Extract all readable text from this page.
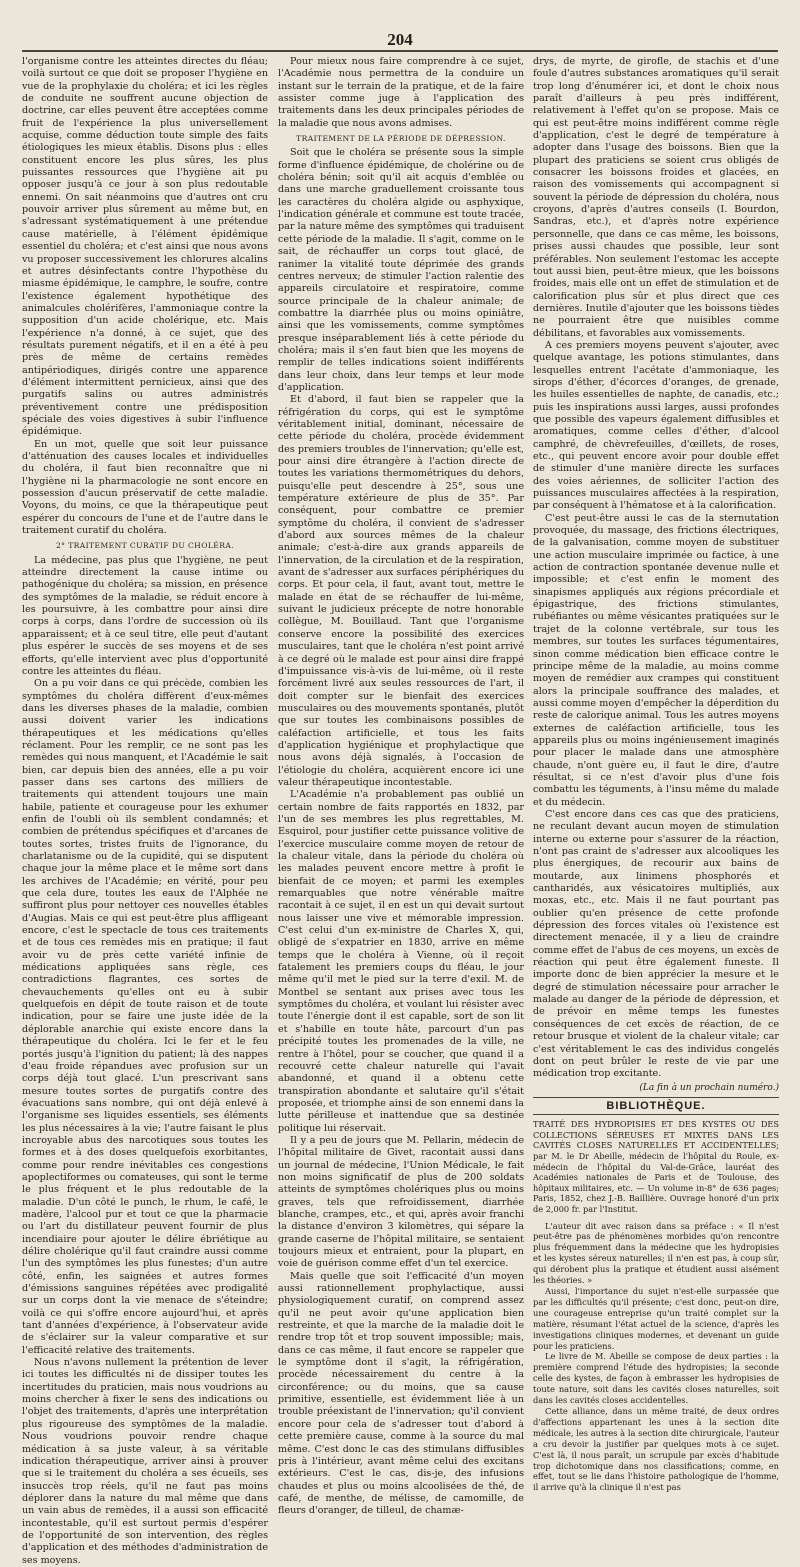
204

l'organisme contre les atteintes directes du fléau; voilà surtout ce que doit se proposer l'hygiène en vue de la prophylaxie du choléra; et ici les règles de conduite ne souffrent aucune objection de doctrine, car elles peuvent être acceptées comme fruit de l'expérience la plus universellement acquise, comme déduction toute simple des faits étiologiques les mieux établis. Disons plus : elles constituent encore les plus sûres, les plus puissantes ressources que l'hygiène ait pu opposer jusqu'à ce jour à son plus redoutable ennemi. On sait néanmoins que d'autres ont cru pouvoir arriver plus sûrement au même but, en s'adressant systématiquement à une prétendue cause matérielle, à l'élément épidémique essentiel du choléra; et c'est ainsi que nous avons vu proposer successivement les chlorures alcalins et autres désinfectants contre l'hypothèse du miasme épidémique, le camphre, le soufre, contre l'existence également hypothétique des animalcules cholérifères, l'ammoniaque contre la supposition d'un acide cholérique, etc. Mais l'expérience n'a donné, à ce sujet, que des résultats purement négatifs, et il en a été à peu près de même de certains remèdes antipériodiques, dirigés contre une apparence d'élément intermittent pernicieux, ainsi que des purgatifs salins ou autres administrés préventivement contre une prédisposition spéciale des voies digestives à subir l'influence épidémique.

En un mot, quelle que soit leur puissance d'atténuation des causes locales et individuelles du choléra, il faut bien reconnaître que ni l'hygiène ni la pharmacologie ne sont encore en possession d'aucun préservatif de cette maladie. Voyons, du moins, ce que la thérapeutique peut espérer du concours de l'une et de l'autre dans le traitement curatif du choléra.

2° TRAITEMENT CURATIF DU CHOLÉRA.

La médecine, pas plus que l'hygiène, ne peut atteindre directement la cause intime ou pathogénique du choléra; sa mission, en présence des symptômes de la maladie, se réduit encore à les poursuivre, à les combattre pour ainsi dire corps à corps, dans l'ordre de succession où ils apparaissent; et à ce seul titre, elle peut d'autant plus espérer le succès de ses moyens et de ses efforts, qu'elle intervient avec plus d'opportunité contre les atteintes du fléau.

On a pu voir dans ce qui précède, combien les symptômes du choléra diffèrent d'eux-mêmes dans les diverses phases de la maladie, combien aussi doivent varier les indications thérapeutiques et les médications qu'elles réclament. Pour les remplir, ce ne sont pas les remèdes qui nous manquent, et l'Académie le sait bien, car depuis bien des années, elle a pu voir passer dans ses cartons des milliers de traitements qui attendent toujours une main habile, patiente et courageuse pour les exhumer enfin de l'oubli où ils semblent condamnés; et combien de prétendus spécifiques et d'arcanes de toutes sortes, tristes fruits de l'ignorance, du charlatanisme ou de la cupidité, qui se disputent chaque jour la même place et le même sort dans les archives de l'Académie; en vérité, pour peu que cela dure, toutes les eaux de l'Alphée ne suffiront plus pour nettoyer ces nouvelles étables d'Augias. Mais ce qui est peut-être plus affligeant encore, c'est le spectacle de tous ces traitements et de tous ces remèdes mis en pratique; il faut avoir vu de près cette variété infinie de médications appliquées sans règle, ces contradictions flagrantes, ces sortes de chevauchements qu'elles ont eu à subir quelquefois en dépit de toute raison et de toute indication, pour se faire une juste idée de la déplorable anarchie qui existe encore dans la thérapeutique du choléra. Ici le fer et le feu portés jusqu'à l'ignition du patient; là des nappes d'eau froide répandues avec profusion sur un corps déjà tout glacé. L'un prescrivant sans mesure toutes sortes de purgatifs contre des évacuations sans nombre, qui ont déjà enlevé à l'organisme ses liquides essentiels, ses éléments les plus nécessaires à la vie; l'autre faisant le plus incroyable abus des narcotiques sous toutes les formes et à des doses quelquefois exorbitantes, comme pour rendre inévitables ces congestions apoplectiformes ou comateuses, qui sont le terme le plus fréquent et le plus redoutable de la maladie. D'un côté le punch, le rhum, le café, le madère, l'alcool pur et tout ce que la pharmacie ou l'art du distillateur peuvent fournir de plus incendiaire pour ajouter le délire ébriétique au délire cholérique qu'il faut craindre aussi comme l'un des symptômes les plus funestes; d'un autre côté, enfin, les saignées et autres formes d'émissions sanguines répétées avec prodigalité sur un corps dont la vie menace de s'éteindre; voilà ce qui s'offre encore aujourd'hui, et après tant d'années d'expérience, à l'observateur avide de s'éclairer sur la valeur comparative et sur l'efficacité relative des traitements.

Nous n'avons nullement la prétention de lever ici toutes les difficultés ni de dissiper toutes les incertitudes du praticien, mais nous voudrions au moins chercher à fixer le sens des indications ou l'objet des traitements, d'après une interprétation plus rigoureuse des symptômes de la maladie. Nous voudrions pouvoir rendre chaque médication à sa juste valeur, à sa véritable indication thérapeutique, arriver ainsi à prouver que si le traitement du choléra a ses écueils, ses insuccès trop réels, qu'il ne faut pas moins déplorer dans la nature du mal même que dans un vain abus de remèdes, il a aussi son efficacité incontestable, qu'il est surtout permis d'espérer de l'opportunité de son intervention, des règles d'application et des méthodes d'administration de ses moyens.

Pour mieux nous faire comprendre à ce sujet, l'Académie nous permettra de la conduire un instant sur le terrain de la pratique, et de la faire assister comme juge à l'application des traitements dans les deux principales périodes de la maladie que nous avons admises.

TRAITEMENT DE LA PÉRIODE DE DÉPRESSION.

Soit que le choléra se présente sous la simple forme d'influence épidémique, de cholérine ou de choléra bénin; soit qu'il ait acquis d'emblée ou dans une marche graduellement croissante tous les caractères du choléra algide ou asphyxique, l'indication générale et commune est toute tracée, par la nature même des symptômes qui traduisent cette période de la maladie. Il s'agit, comme on le sait, de réchauffer un corps tout glacé, de ranimer la vitalité toute déprimée des grands centres nerveux; de stimuler l'action ralentie des appareils circulatoire et respiratoire, comme source principale de la chaleur animale; de combattre la diarrhée plus ou moins opiniâtre, ainsi que les vomissements, comme symptômes presque inséparablement liés à cette période du choléra; mais il s'en faut bien que les moyens de remplir de telles indications soient indifférents dans leur choix, dans leur temps et leur mode d'application.

Et d'abord, il faut bien se rappeler que la réfrigération du corps, qui est le symptôme véritablement initial, dominant, nécessaire de cette période du choléra, procède évidemment des premiers troubles de l'innervation; qu'elle est, pour ainsi dire étrangère à l'action directe de toutes les variations thermométriques du dehors, puisqu'elle peut descendre à 25°, sous une température extérieure de plus de 35°. Par conséquent, pour combattre ce premier symptôme du choléra, il convient de s'adresser d'abord aux sources mêmes de la chaleur animale; c'est-à-dire aux grands appareils de l'innervation, de la circulation et de la respiration, avant de s'adresser aux surfaces périphériques du corps. Et pour cela, il faut, avant tout, mettre le malade en état de se réchauffer de lui-même, suivant le judicieux précepte de notre honorable collègue, M. Bouillaud. Tant que l'organisme conserve encore la possibilité des exercices musculaires, tant que le choléra n'est point arrivé à ce degré où le malade est pour ainsi dire frappé d'impuissance vis-à-vis de lui-même, où il reste forcément livré aux seules ressources de l'art, il doit compter sur le bienfait des exercices musculaires ou des mouvements spontanés, plutôt que sur toutes les combinaisons possibles de caléfaction artificielle, et tous les faits d'application hygiénique et prophylactique que nous avons déjà signalés, à l'occasion de l'étiologie du choléra, acquièrent encore ici une valeur thérapeutique incontestable.

L'Académie n'a probablement pas oublié un certain nombre de faits rapportés en 1832, par l'un de ses membres les plus regrettables, M. Esquirol, pour justifier cette puissance volitive de l'exercice musculaire comme moyen de retour de la chaleur vitale, dans la période du choléra où les malades peuvent encore mettre à profit le bienfait de ce moyen; et parmi les exemples remarquables que notre vénérable maître racontait à ce sujet, il en est un qui devait surtout nous laisser une vive et mémorable impression. C'est celui d'un ex-ministre de Charles X, qui, obligé de s'expatrier en 1830, arrive en même temps que le choléra à Vienne, où il reçoit fatalement les premiers coups du fléau, le jour même qu'il met le pied sur la terre d'exil. M. de Montbel se sentant aux prises avec tous les symptômes du choléra, et voulant lui résister avec toute l'énergie dont il est capable, sort de son lit et s'habille en toute hâte, parcourt d'un pas précipité toutes les promenades de la ville, ne rentre à l'hôtel, pour se coucher, que quand il a recouvré cette chaleur naturelle qui l'avait abandonné, et quand il a obtenu cette transpiration abondante et salutaire qu'il s'était proposée, et triomphe ainsi de son ennemi dans la lutte périlleuse et inattendue que sa destinée politique lui réservait.

Il y a peu de jours que M. Pellarin, médecin de l'hôpital militaire de Givet, racontait aussi dans un journal de médecine, l'Union Médicale, le fait non moins significatif de plus de 200 soldats atteints de symptômes cholériques plus ou moins graves, tels que refroidissement, diarrhée blanche, crampes, etc., et qui, après avoir franchi la distance d'environ 3 kilomètres, qui sépare la grande caserne de l'hôpital militaire, se sentaient toujours mieux et entraient, pour la plupart, en voie de guérison comme effet d'un tel exercice.

Mais quelle que soit l'efficacité d'un moyen aussi rationnellement prophylactique, aussi physiologiquement curatif, on comprend assez qu'il ne peut avoir qu'une application bien restreinte, et que la marche de la maladie doit le rendre trop tôt et trop souvent impossible; mais, dans ce cas même, il faut encore se rappeler que le symptôme dont il s'agit, la réfrigération, procède nécessairement du centre à la circonférence; ou du moins, que sa cause primitive, essentielle, est évidemment liée à un trouble préexistant de l'innervation; qu'il convient encore pour cela de s'adresser tout d'abord à cette première cause, comme à la source du mal même. C'est donc le cas des stimulans diffusibles pris à l'intérieur, avant même celui des excitans extérieurs. C'est le cas, dis-je, des infusions chaudes et plus ou moins alcoolisées de thé, de café, de menthe, de mélisse, de camomille, de fleurs d'oranger, de tilleul, de chamæ-

drys, de myrte, de girofle, de stachis et d'une foule d'autres substances aromatiques qu'il serait trop long d'énumérer ici, et dont le choix nous paraît d'ailleurs à peu près indifférent, relativement à l'effet qu'on se propose. Mais ce qui est peut-être moins indifférent comme règle d'application, c'est le degré de température à adopter dans l'usage des boissons. Bien que la plupart des praticiens se soient crus obligés de consacrer les boissons froides et glacées, en raison des vomissements qui accompagnent si souvent la période de dépression du choléra, nous croyons, d'après d'autres conseils (I. Bourdon, Sandras, etc.), et d'après notre expérience personnelle, que dans ce cas même, les boissons, prises aussi chaudes que possible, leur sont préférables. Non seulement l'estomac les accepte tout aussi bien, peut-être mieux, que les boissons froides, mais elle ont un effet de stimulation et de calorification plus sûr et plus direct que ces dernières. Inutile d'ajouter que les boissons tièdes ne pourraient être que nuisibles comme débilitans, et favorables aux vomissements.

A ces premiers moyens peuvent s'ajouter, avec quelque avantage, les potions stimulantes, dans lesquelles entrent l'acétate d'ammoniaque, les sirops d'éther, d'écorces d'oranges, de grenade, les huiles essentielles de naphte, de canadis, etc.; puis les inspirations aussi larges, aussi profondes que possible des vapeurs également diffusibles et aromatiques, comme celles d'éther, d'alcool camphré, de chèvrefeuilles, d'œillets, de roses, etc., qui peuvent encore avoir pour double effet de stimuler d'une manière directe les surfaces des voies aériennes, de solliciter l'action des puissances musculaires affectées à la respiration, par conséquent à l'hématose et à la calorification.

C'est peut-être aussi le cas de la sternutation provoquée, du massage, des frictions électriques, de la galvanisation, comme moyen de substituer une action musculaire imprimée ou factice, à une action de contraction spontanée devenue nulle et impossible; et c'est enfin le moment des sinapismes appliqués aux régions précordiale et épigastrique, des frictions stimulantes, rubéfiantes ou même vésicantes pratiquées sur le trajet de la colonne vertébrale, sur tous les membres, sur toutes les surfaces tégumentaires, sinon comme médication bien efficace contre le principe même de la maladie, au moins comme moyen de remédier aux crampes qui constituent alors la principale souffrance des malades, et aussi comme moyen d'empêcher la déperdition du reste de calorique animal. Tous les autres moyens externes de caléfaction artificielle, tous les appareils plus ou moins ingénieusement imaginés pour placer le malade dans une atmosphère chaude, n'ont guère eu, il faut le dire, d'autre résultat, si ce n'est d'avoir plus d'une fois combattu les téguments, à l'insu même du malade et du médecin.

C'est encore dans ces cas que des praticiens, ne reculant devant aucun moyen de stimulation interne ou externe pour s'assurer de la réaction, n'ont pas craint de s'adresser aux alcooliques les plus énergiques, de recourir aux bains de moutarde, aux linimens phosphorés et cantharidés, aux vésicatoires multipliés, aux moxas, etc., etc. Mais il ne faut pourtant pas oublier qu'en présence de cette profonde dépression des forces vitales où l'existence est directement menacée, il y a lieu de craindre comme effet de l'abus de ces moyens, un excès de réaction qui peut être également funeste. Il importe donc de bien apprécier la mesure et le degré de stimulation nécessaire pour arracher le malade au danger de la période de dépression, et de prévoir en même temps les funestes conséquences de cet excès de réaction, de ce retour brusque et violent de la chaleur vitale; car c'est véritablement le cas des individus congelés dont on peut brûler le reste de vie par une médication trop excitante.

(La fin à un prochain numéro.)
BIBLIOTHÈQUE.

TRAITÉ DES HYDROPISIES ET DES KYSTES OU DES COLLECTIONS SÉREUSES ET MIXTES DANS LES CAVITÉS CLOSES NATURELLES ET ACCIDENTELLES; par M. le Dr Abeille, médecin de l'hôpital du Roule, ex-médecin de l'hôpital du Val-de-Grâce, lauréat des Académies nationales de Paris et de Toulouse, des hôpitaux militaires, etc. — Un volume in-8° de 636 pages; Paris, 1852, chez J.-B. Baillière. Ouvrage honoré d'un prix de 2,000 fr. par l'Institut.

L'auteur dit avec raison dans sa préface : « Il n'est peut-être pas de phénomènes morbides qu'on rencontre plus fréquemment dans la médecine que les hydropisies et les kystes séreux naturelles; il n'en est pas, à coup sûr, qui dérobent plus la pratique et étudient aussi aisément les théories. »

Aussi, l'importance du sujet n'est-elle surpassée que par les difficultés qu'il présente; c'est donc, peut-on dire, une courageuse entreprise qu'un traité complet sur la matière, résumant l'état actuel de la science, d'après les investigations cliniques modernes, et devenant un guide pour les praticiens.

Le livre de M. Abeille se compose de deux parties : la première comprend l'étude des hydropisies; la seconde celle des kystes, de façon à embrasser les hydropisies de toute nature, soit dans les cavités closes naturelles, soit dans les cavités closes accidentelles.

Cette alliance, dans un même traité, de deux ordres d'affections appartenant les unes à la section dite médicale, les autres à la section dite chirurgicale, l'auteur a cru devoir la justifier par quelques mots à ce sujet. C'est là, il nous paraît, un scrupule par excès d'habitude trop dichotomique dans nos classifications; comme, en effet, tout se lie dans l'histoire pathologique de l'homme, il arrive qu'à la clinique il n'est pas
